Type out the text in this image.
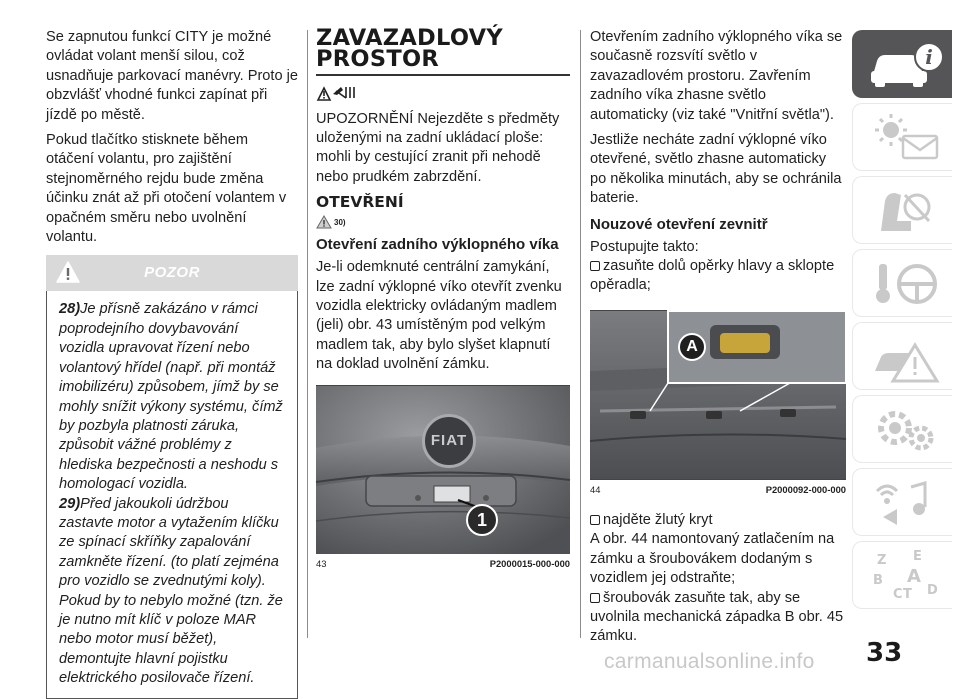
Se zapnutou funkcí CITY je možné ovládat volant menší silou, což usnadňuje parkovací manévry. Proto je obzvlášť vhodné funkci zapínat při jízdě po městě.

Pokud tlačítko stisknete během otáčení volantu, pro zajištění stejnoměrného rejdu bude změna účinku znát až při otočení volantem v opačném směru nebo uvolnění volantu.

POZOR

28)Je přísně zakázáno v rámci poprodejního dovybavování vozidla upravovat řízení nebo volantový hřídel (např. při montáž imobilizéru) způsobem, jímž by se mohly snížit výkony systému, čímž by pozbyla platnosti záruka, způsobit vážné problémy z hlediska bezpečnosti a neshodu s homologací vozidla.

29)Před jakoukoli údržbou zastavte motor a vytažením klíčku ze spínací skříňky zapalování zamkněte řízení. (to platí zejména pro vozidlo se zvednutými koly). Pokud by to nebylo možné (tzn. že je nutno mít klíč v poloze MAR nebo motor musí běžet), demontujte hlavní pojistku elektrického posilovače řízení.

ZAVAZADLOVÝ
PROSTOR

UPOZORNĚNÍ Nejezděte s předměty uloženými na zadní ukládací ploše: mohli by cestující zranit při nehodě nebo prudkém zabrzdění.

OTEVŘENÍ
30)
Otevření zadního výklopného víka

Je-li odemknuté centrální zamykání, lze zadní výklopné víko otevřít zvenku vozidla elektricky ovládaným madlem (jeli) obr. 43 umístěným pod velkým madlem tak, aby bylo slyšet klapnutí na doklad uvolnění zámku.

FIAT
1
43	P2000015-000-000

Otevřením zadního výklopného víka se současně rozsvítí světlo v zavazadlovém prostoru. Zavřením zadního víka zhasne světlo automaticky (viz také "Vnitřní světla").

Jestliže necháte zadní výklopné víko otevřené, světlo zhasne automaticky po několika minutách, aby se ochránila baterie.

Nouzové otevření zevnitř
Postupujte takto:
zasuňte dolů opěrky hlavy a sklopte opěradla;
A
44	P2000092-000-000
najděte žlutý kryt
A obr. 44 namontovaný zatlačením na zámku a šroubovákem dodaným s vozidlem jej odstraňte;
šroubovák zasuňte tak, aby se uvolnila mechanická západka B obr. 45 zámku.
i
Z E
B
C T
A
D
33
carmanualsonline.info
